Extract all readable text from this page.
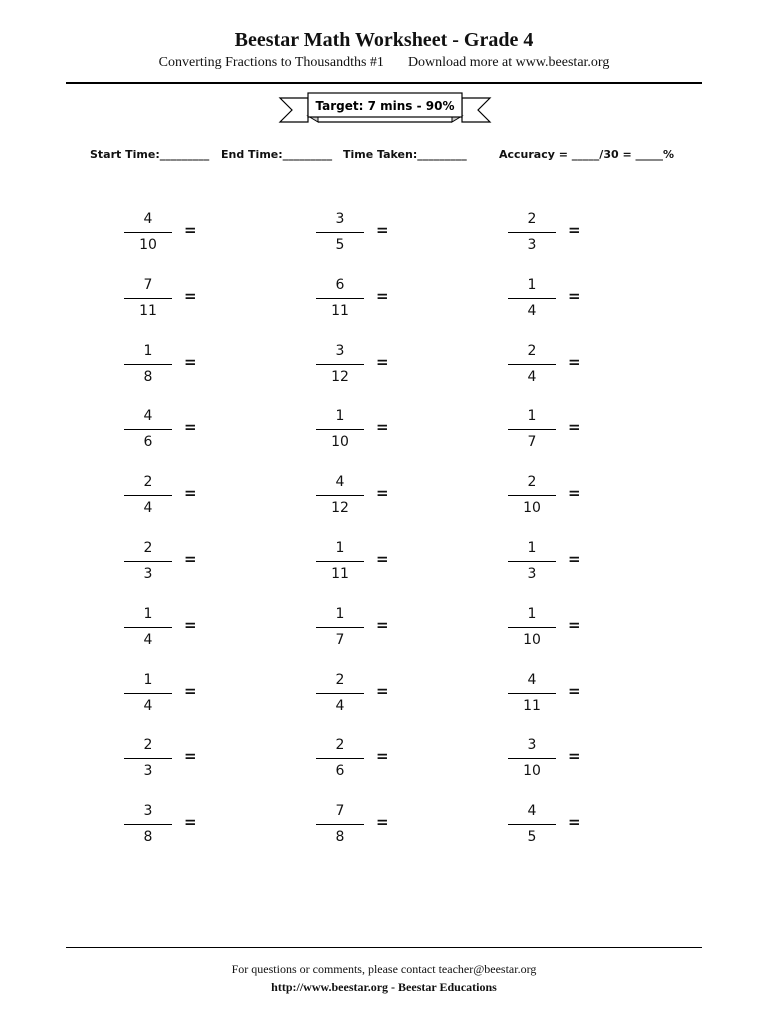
Beestar Math Worksheet - Grade 4
Converting Fractions to Thousandths #1 Download more at www.beestar.org
Target: 7 mins - 90%
Start Time:_________ End Time:_________ Time Taken:_________	Accuracy = _____/30 = _____%
4
10
=
3
5
=
2
3
=
7
11
=
6
11
=
1
4
=
1
8
=
3
12
=
2
4
=
4
6
=
1
10
=
1
7
=
2
4
=
4
12
=
2
10
=
2
3
=
1
11
=
1
3
=
1
4
=
1
7
=
1
10
=
1
4
=
2
4
=
4
11
=
2
3
=
2
6
=
3
10
=
3
8
=
7
8
=
4
5
=
For questions or comments, please contact teacher@beestar.org
http://www.beestar.org - Beestar Educations
